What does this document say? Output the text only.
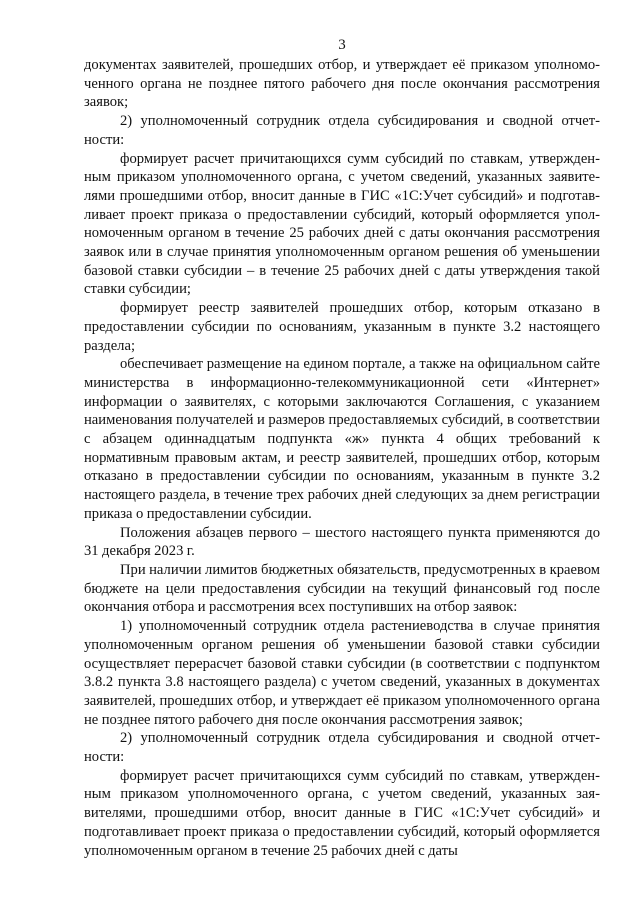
3

документах заявителей, прошедших отбор, и утверждает её приказом уполномоченного органа не позднее пятого рабочего дня после окончания рассмотрения заявок;

2) уполномоченный сотрудник отдела субсидирования и сводной отчетности:

формирует расчет причитающихся сумм субсидий по ставкам, утвержденным приказом уполномоченного органа, с учетом сведений, указанных заявителями прошедшими отбор, вносит данные в ГИС «1С:Учет субсидий» и подготавливает проект приказа о предоставлении субсидий, который оформляется уполномоченным органом в течение 25 рабочих дней с даты окончания рассмотрения заявок или в случае принятия уполномоченным органом решения об уменьшении базовой ставки субсидии – в течение 25 рабочих дней с даты утверждения такой ставки субсидии;

формирует реестр заявителей прошедших отбор, которым отказано в предоставлении субсидии по основаниям, указанным в пункте 3.2 настоящего раздела;

обеспечивает размещение на едином портале, а также на официальном сайте министерства в информационно-телекоммуникационной сети «Интернет» информации о заявителях, с которыми заключаются Соглашения, с указанием наименования получателей и размеров предоставляемых субсидий, в соответствии с абзацем одиннадцатым подпункта «ж» пункта 4 общих требований к нормативным правовым актам, и реестр заявителей, прошедших отбор, которым отказано в предоставлении субсидии по основаниям, указанным в пункте 3.2 настоящего раздела, в течение трех рабочих дней следующих за днем регистрации приказа о предоставлении субсидии.

Положения абзацев первого – шестого настоящего пункта применяются до 31 декабря 2023 г.

При наличии лимитов бюджетных обязательств, предусмотренных в краевом бюджете на цели предоставления субсидии на текущий финансовый год после окончания отбора и рассмотрения всех поступивших на отбор заявок:

1) уполномоченный сотрудник отдела растениеводства в случае принятия уполномоченным органом решения об уменьшении базовой ставки субсидии осуществляет перерасчет базовой ставки субсидии (в соответствии с подпунктом 3.8.2 пункта 3.8 настоящего раздела) с учетом сведений, указанных в документах заявителей, прошедших отбор, и утверждает её приказом уполномоченного органа не позднее пятого рабочего дня после окончания рассмотрения заявок;

2) уполномоченный сотрудник отдела субсидирования и сводной отчетности:

формирует расчет причитающихся сумм субсидий по ставкам, утвержденным приказом уполномоченного органа, с учетом сведений, указанных заявителями, прошедшими отбор, вносит данные в ГИС «1С:Учет субсидий» и подготавливает проект приказа о предоставлении субсидий, который оформляется уполномоченным органом в течение 25 рабочих дней с даты
